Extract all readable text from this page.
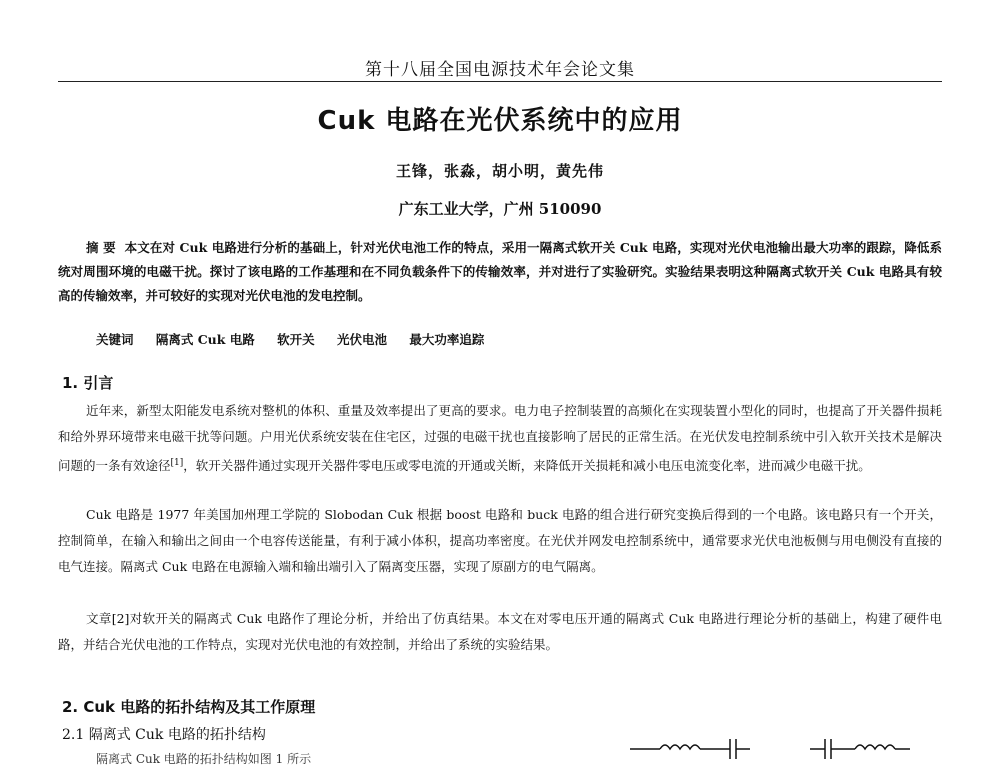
第十八届全国电源技术年会论文集
Cuk 电路在光伏系统中的应用
王锋，张淼，胡小明，黄先伟
广东工业大学，广州 510090

摘 要 本文在对 Cuk 电路进行分析的基础上，针对光伏电池工作的特点，采用一隔离式软开关 Cuk 电路，实现对光伏电池输出最大功率的跟踪，降低系统对周围环境的电磁干扰。探讨了该电路的工作基理和在不同负载条件下的传输效率，并对进行了实验研究。实验结果表明这种隔离式软开关 Cuk 电路具有较高的传输效率，并可较好的实现对光伏电池的发电控制。

关键词 隔离式 Cuk 电路 软开关 光伏电池 最大功率追踪
1. 引言

近年来，新型太阳能发电系统对整机的体积、重量及效率提出了更高的要求。电力电子控制装置的高频化在实现装置小型化的同时，也提高了开关器件损耗和给外界环境带来电磁干扰等问题。户用光伏系统安装在住宅区，过强的电磁干扰也直接影响了居民的正常生活。在光伏发电控制系统中引入软开关技术是解决问题的一条有效途径[1]，软开关器件通过实现开关器件零电压或零电流的开通或关断，来降低开关损耗和减小电压电流变化率，进而减少电磁干扰。

Cuk 电路是 1977 年美国加州理工学院的 Slobodan Cuk 根据 boost 电路和 buck 电路的组合进行研究变换后得到的一个电路。该电路只有一个开关，控制简单，在输入和输出之间由一个电容传送能量，有利于减小体积，提高功率密度。在光伏并网发电控制系统中，通常要求光伏电池板侧与用电侧没有直接的电气连接。隔离式 Cuk 电路在电源输入端和输出端引入了隔离变压器，实现了原副方的电气隔离。

文章[2]对软开关的隔离式 Cuk 电路作了理论分析，并给出了仿真结果。本文在对零电压开通的隔离式 Cuk 电路进行理论分析的基础上，构建了硬件电路，并结合光伏电池的工作特点，实现对光伏电池的有效控制，并给出了系统的实验结果。

2. Cuk 电路的拓扑结构及其工作原理
2.1 隔离式 Cuk 电路的拓扑结构
隔离式 Cuk 电路的拓扑结构如图 1 所示
